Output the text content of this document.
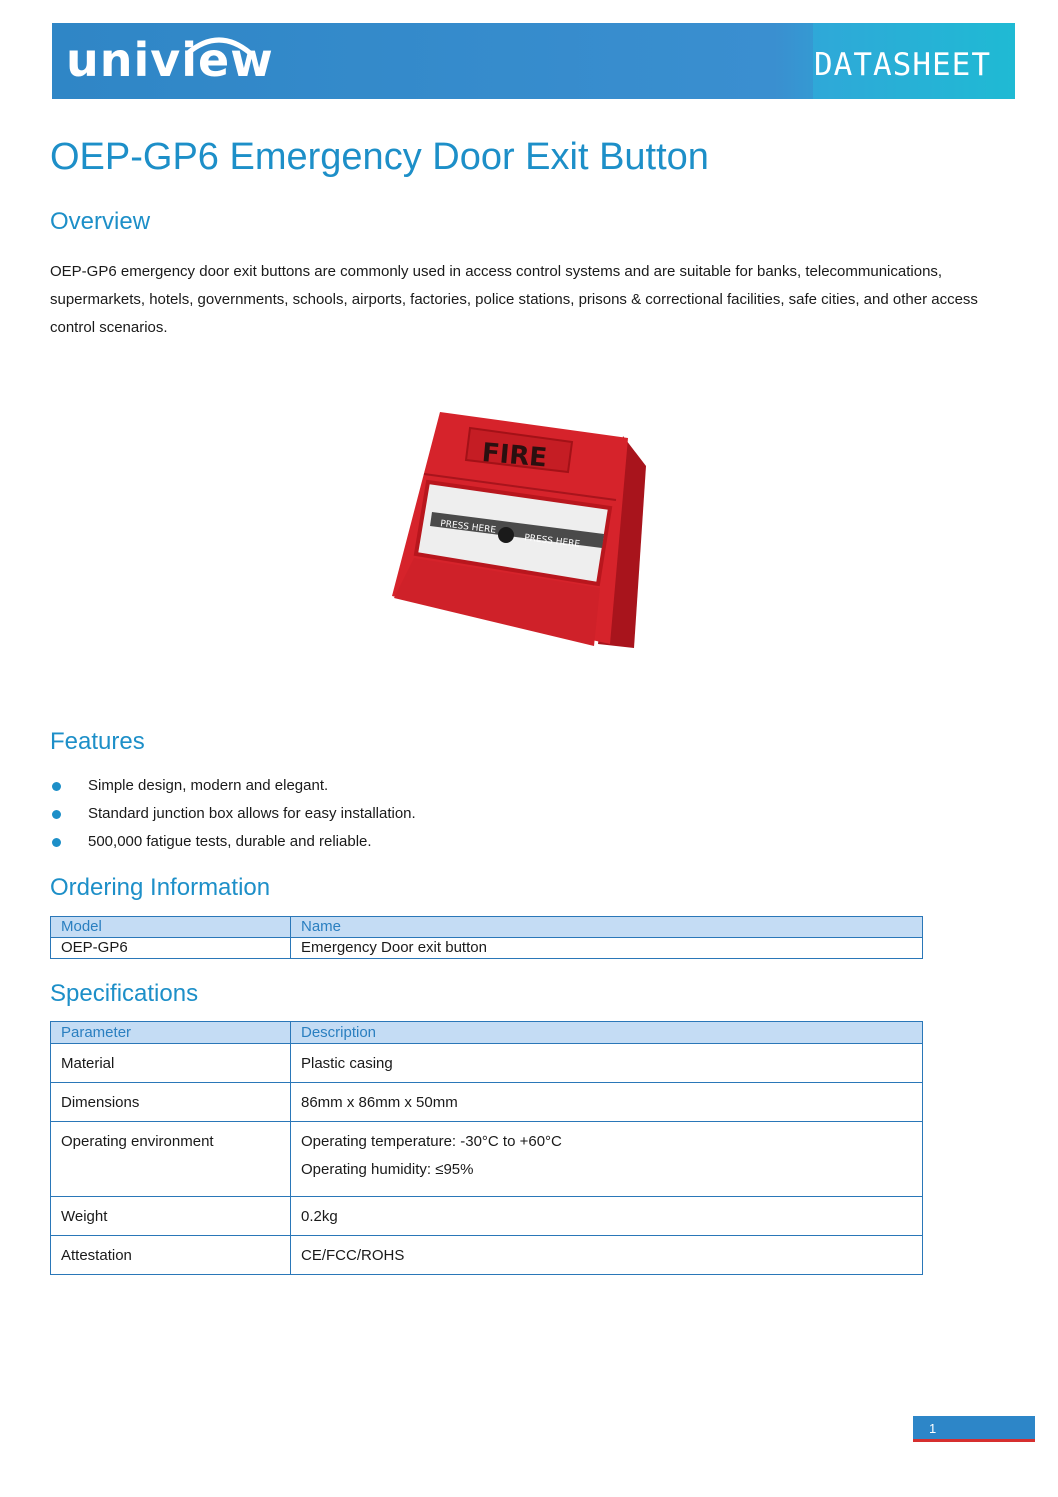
uniview	DATASHEET
OEP-GP6 Emergency Door Exit Button
Overview
OEP-GP6 emergency door exit buttons are commonly used in access control systems and are suitable for banks, telecommunications, supermarkets, hotels, governments, schools, airports, factories, police stations, prisons & correctional facilities, safe cities, and other access control scenarios.
FIRE
PRESS HERE
PRESS HERE
Features
Simple design, modern and elegant.
Standard junction box allows for easy installation.
500,000 fatigue tests, durable and reliable.
Ordering Information
Model	Name
OEP-GP6	Emergency Door exit button
Specifications
Parameter	Description
Material	Plastic casing
Dimensions	86mm x 86mm x 50mm

Operating environment	Operating temperature: -30°C to +60°C
Operating humidity: ≤95%

Weight	0.2kg
Attestation	CE/FCC/ROHS
1
